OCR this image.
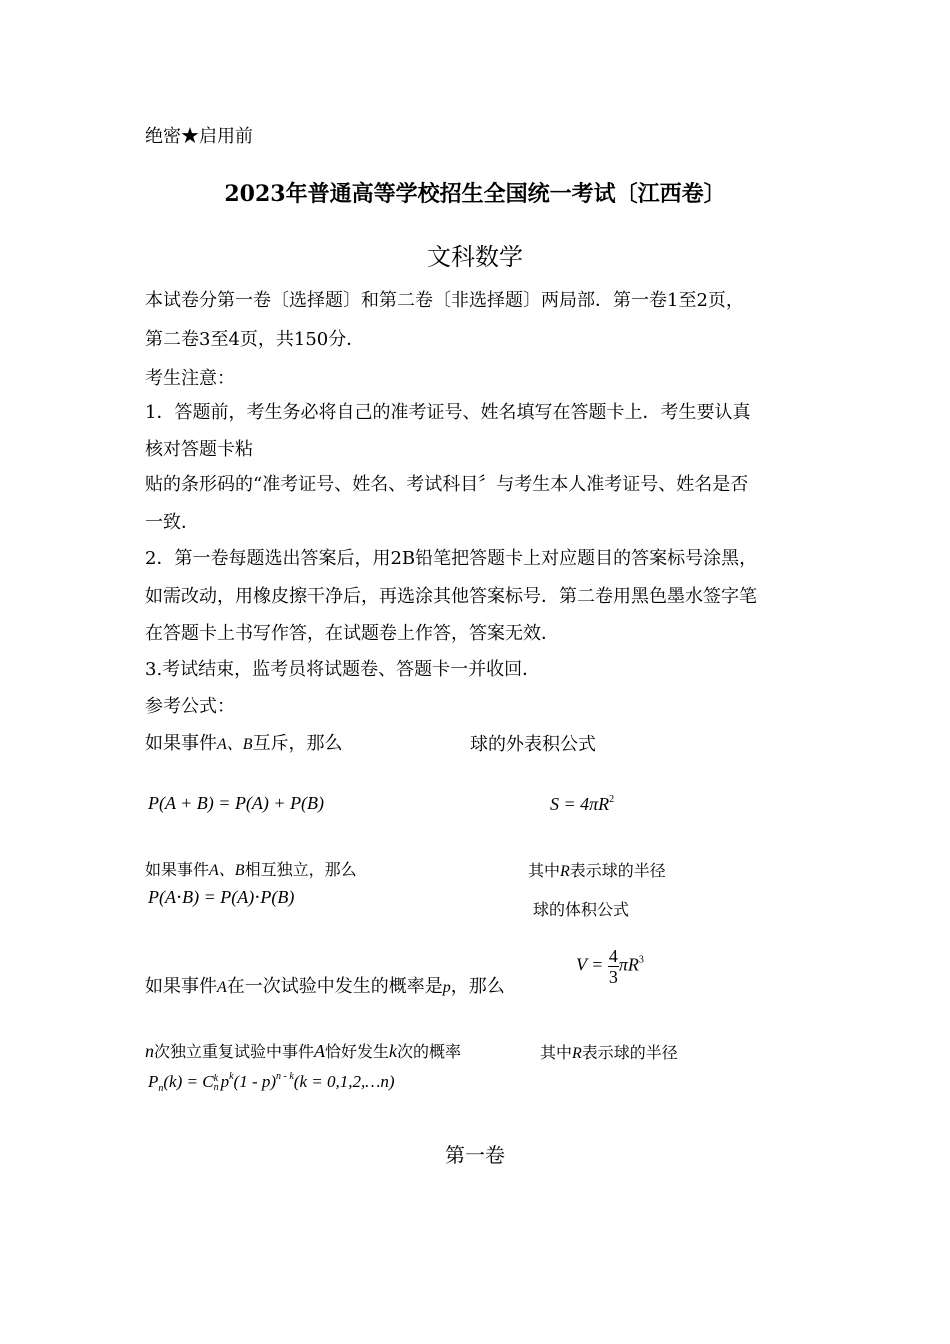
绝密★启用前
2023年普通高等学校招生全国统一考试〔江西卷〕
文科数学
本试卷分第一卷〔选择题〕和第二卷〔非选择题〕两局部．第一卷1至2页，
第二卷3至4页，共150分．
考生注意：
1．答题前，考生务必将自己的准考证号、姓名填写在答题卡上．考生要认真
核对答题卡粘
贴的条形码的“准考证号、姓名、考试科目〞与考生本人准考证号、姓名是否
一致．
2．第一卷每题选出答案后，用2B铅笔把答题卡上对应题目的答案标号涂黑，
如需改动，用橡皮擦干净后，再选涂其他答案标号．第二卷用黑色墨水签字笔
在答题卡上书写作答，在试题卷上作答，答案无效．
3.考试结束，监考员将试题卷、答题卡一并收回．
参考公式：
如果事件A、B互斥，那么	球的外表积公式
P(A + B) = P(A) + P(B)	$S = 4\pi R^2$
如果事件A、B相互独立，那么	其中R表示球的半径
P(A⋅B) = P(A)⋅P(B)
球的体积公式
$V = \frac{4}{3} \pi R^3$
如果事件A在一次试验中发生的概率是p，那么
n次独立重复试验中事件A恰好发生k次的概率	其中R表示球的半径
$P_n(k) = C$ k
n $p^k(1 - p)^{n - k}(k$ = 0,1,2,…n)
第一卷
